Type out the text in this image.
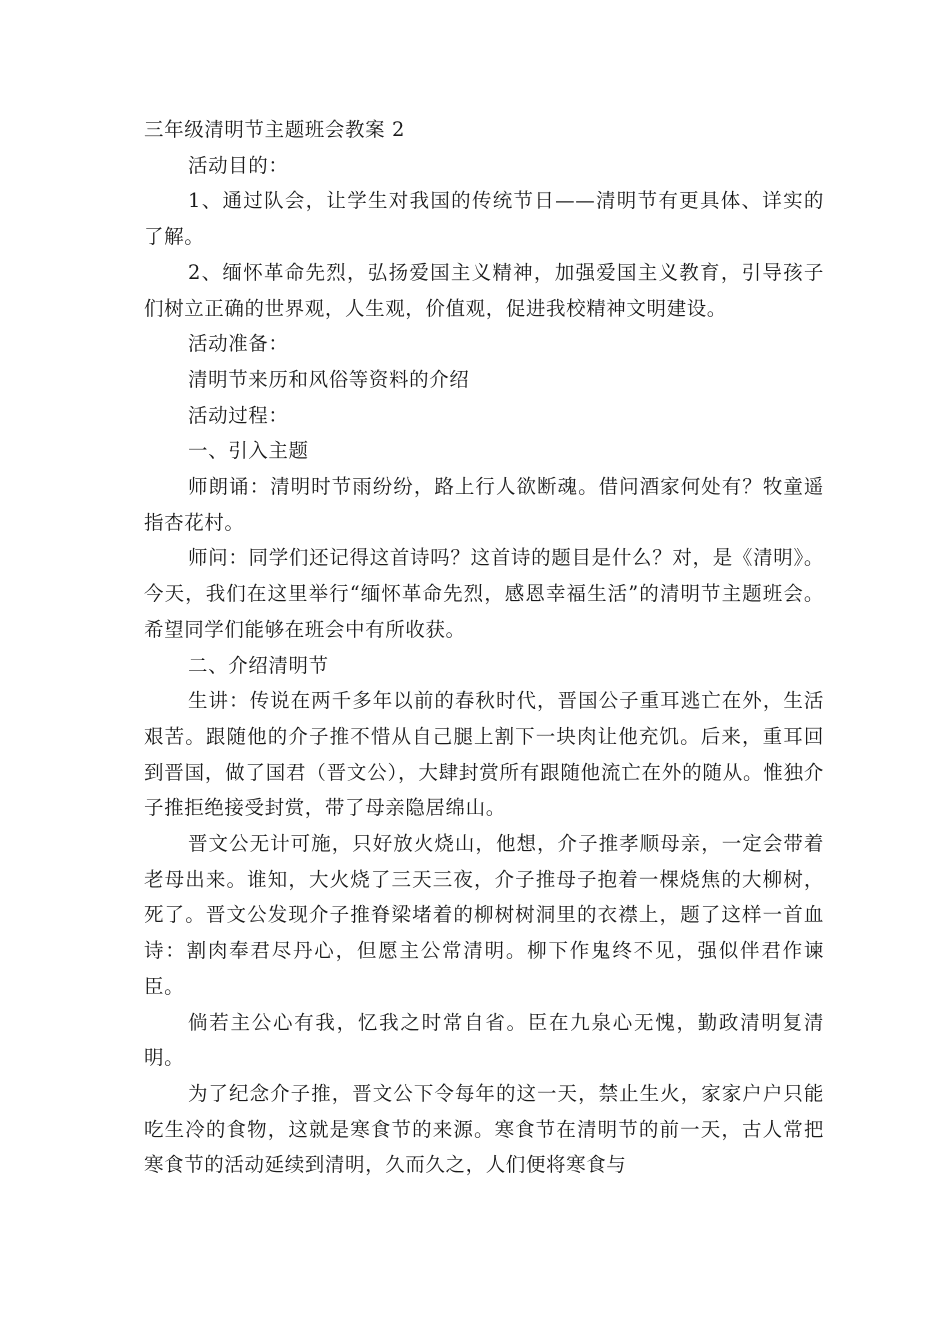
三年级清明节主题班会教案 2

活动目的：

1、通过队会，让学生对我国的传统节日——清明节有更具体、详实的了解。

2、缅怀革命先烈，弘扬爱国主义精神，加强爱国主义教育，引导孩子们树立正确的世界观，人生观，价值观，促进我校精神文明建设。

活动准备：

清明节来历和风俗等资料的介绍

活动过程：

一、引入主题

师朗诵：清明时节雨纷纷，路上行人欲断魂。借问酒家何处有？牧童遥指杏花村。

师问：同学们还记得这首诗吗？这首诗的题目是什么？对，是《清明》。今天，我们在这里举行“缅怀革命先烈，感恩幸福生活”的清明节主题班会。希望同学们能够在班会中有所收获。

二、介绍清明节

生讲：传说在两千多年以前的春秋时代，晋国公子重耳逃亡在外，生活艰苦。跟随他的介子推不惜从自己腿上割下一块肉让他充饥。后来，重耳回到晋国，做了国君（晋文公），大肆封赏所有跟随他流亡在外的随从。惟独介子推拒绝接受封赏，带了母亲隐居绵山。

晋文公无计可施，只好放火烧山，他想，介子推孝顺母亲，一定会带着老母出来。谁知，大火烧了三天三夜，介子推母子抱着一棵烧焦的大柳树，死了。晋文公发现介子推脊梁堵着的柳树树洞里的衣襟上，题了这样一首血诗：割肉奉君尽丹心，但愿主公常清明。柳下作鬼终不见，强似伴君作谏臣。

倘若主公心有我，忆我之时常自省。臣在九泉心无愧，勤政清明复清明。

为了纪念介子推，晋文公下令每年的这一天，禁止生火，家家户户只能吃生冷的食物，这就是寒食节的来源。寒食节在清明节的前一天，古人常把寒食节的活动延续到清明，久而久之，人们便将寒食与
